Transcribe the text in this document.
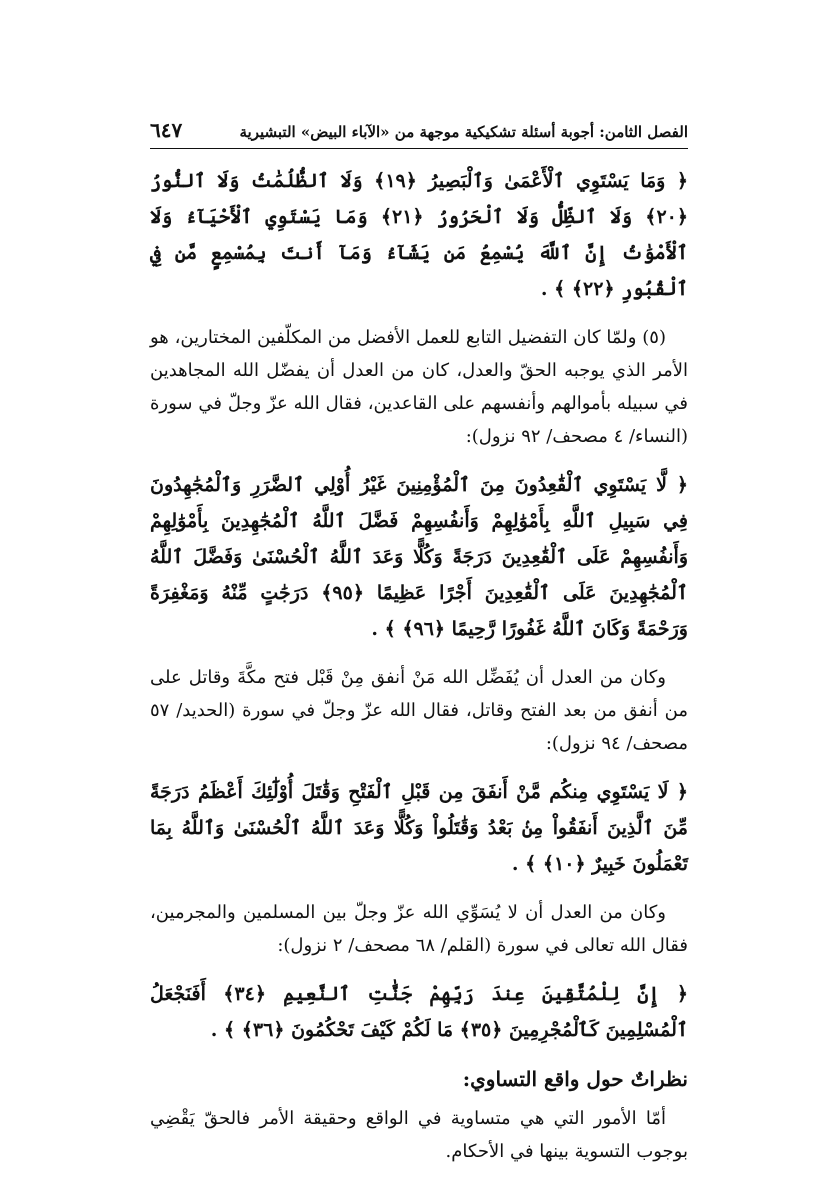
الفصل الثامن: أجوبة أسئلة تشكيكية موجهة من «الآباء البيض» التبشيرية
٦٤٧
﴿ وَمَا يَسْتَوِي ٱلْأَعْمَىٰ وَٱلْبَصِيرُ ﴿١٩﴾ وَلَا ٱلظُّلُمَٰتُ وَلَا ٱلنُّورُ ﴿٢٠﴾ وَلَا ٱلظِّلُّ وَلَا ٱلْحَرُورُ ﴿٢١﴾ وَمَا يَسْتَوِي ٱلْأَحْيَآءُ وَلَا ٱلْأَمْوَٰتُ إِنَّ ٱللَّهَ يُسْمِعُ مَن يَشَآءُ وَمَآ أَنتَ بِمُسْمِعٍ مَّن فِي ٱلْقُبُورِ ﴿٢٢﴾ ﴾ .
(٥) ولمّا كان التفضيل التابع للعمل الأفضل من المكلّفين المختارين، هو الأمر الذي يوجبه الحقّ والعدل، كان من العدل أن يفضّل الله المجاهدين في سبيله بأموالهم وأنفسهم على القاعدين، فقال الله عزّ وجلّ في سورة (النساء/ ٤ مصحف/ ٩٢ نزول):
﴿ لَّا يَسْتَوِي ٱلْقَٰعِدُونَ مِنَ ٱلْمُؤْمِنِينَ غَيْرُ أُوْلِي ٱلضَّرَرِ وَٱلْمُجَٰهِدُونَ فِي سَبِيلِ ٱللَّهِ بِأَمْوَٰلِهِمْ وَأَنفُسِهِمْ فَضَّلَ ٱللَّهُ ٱلْمُجَٰهِدِينَ بِأَمْوَٰلِهِمْ وَأَنفُسِهِمْ عَلَى ٱلْقَٰعِدِينَ دَرَجَةً وَكُلًّا وَعَدَ ٱللَّهُ ٱلْحُسْنَىٰ وَفَضَّلَ ٱللَّهُ ٱلْمُجَٰهِدِينَ عَلَى ٱلْقَٰعِدِينَ أَجْرًا عَظِيمًا ﴿٩٥﴾ دَرَجَٰتٍ مِّنْهُ وَمَغْفِرَةً وَرَحْمَةً وَكَانَ ٱللَّهُ غَفُورًا رَّحِيمًا ﴿٩٦﴾ ﴾ .
وكان من العدل أن يُفَضِّل الله مَنْ أنفق مِنْ قَبْل فتح مكَّةَ وقاتل على من أنفق من بعد الفتح وقاتل، فقال الله عزّ وجلّ في سورة (الحديد/ ٥٧ مصحف/ ٩٤ نزول):
﴿ لَا يَسْتَوِي مِنكُم مَّنْ أَنفَقَ مِن قَبْلِ ٱلْفَتْحِ وَقَٰتَلَ أُوْلَٰٓئِكَ أَعْظَمُ دَرَجَةً مِّنَ ٱلَّذِينَ أَنفَقُواْ مِنۢ بَعْدُ وَقَٰتَلُواْ وَكُلًّا وَعَدَ ٱللَّهُ ٱلْحُسْنَىٰ وَٱللَّهُ بِمَا تَعْمَلُونَ خَبِيرٌ ﴿١٠﴾ ﴾ .
وكان من العدل أن لا يُسَوِّي الله عزّ وجلّ بين المسلمين والمجرمين، فقال الله تعالى في سورة (القلم/ ٦٨ مصحف/ ٢ نزول):
﴿ إِنَّ لِلْمُتَّقِينَ عِندَ رَبِّهِمْ جَنَّٰتِ ٱلنَّعِيمِ ﴿٣٤﴾ أَفَنَجْعَلُ ٱلْمُسْلِمِينَ كَٱلْمُجْرِمِينَ ﴿٣٥﴾ مَا لَكُمْ كَيْفَ تَحْكُمُونَ ﴿٣٦﴾ ﴾ .
نظراتٌ حول واقع التساوي:
أمّا الأمور التي هي متساوية في الواقع وحقيقة الأمر فالحقّ يَقْضِي بوجوب التسوية بينها في الأحكام.
